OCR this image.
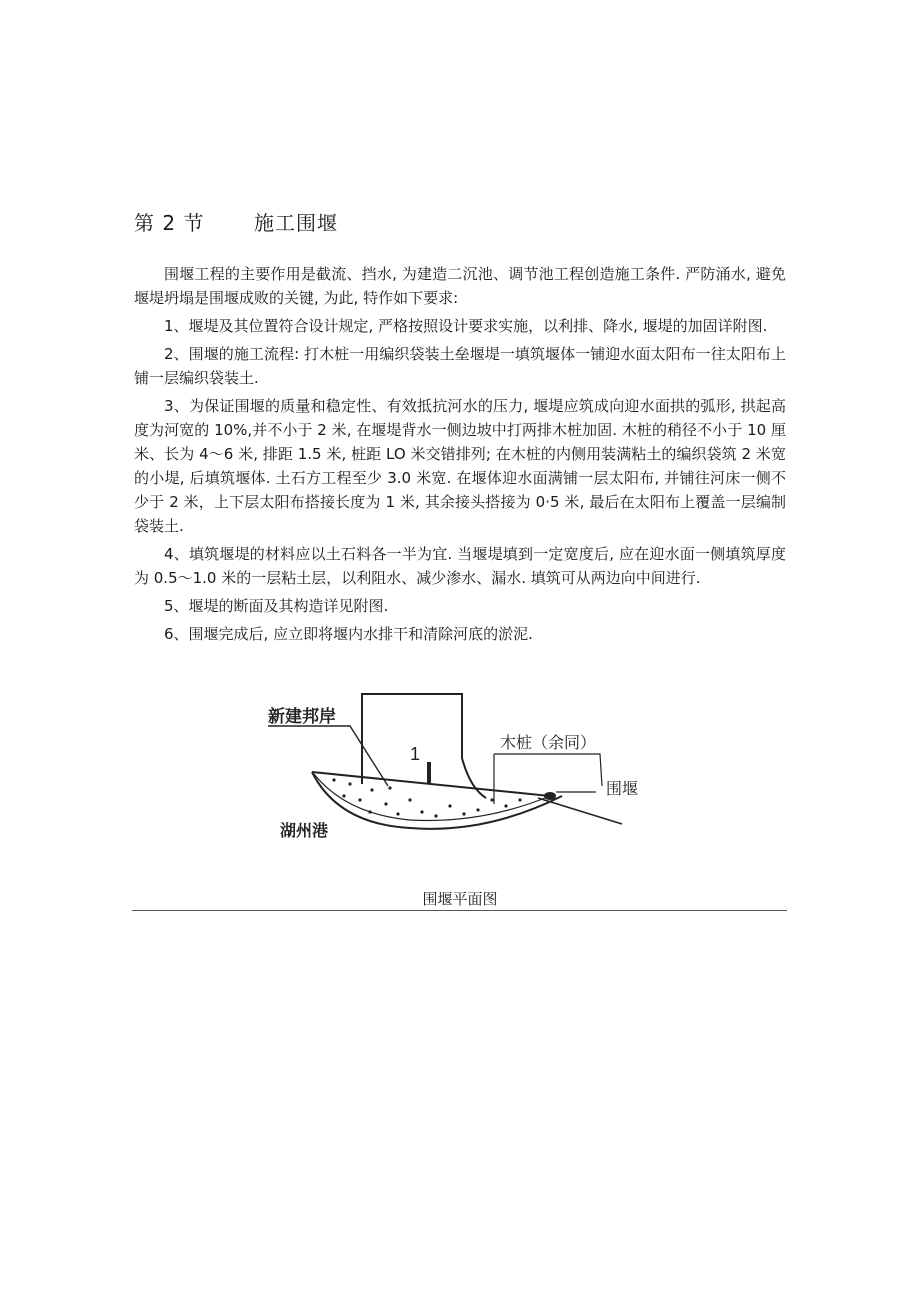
第 2 节 施工围堰

围堰工程的主要作用是截流、挡水, 为建造二沉池、调节池工程创造施工条件. 严防涌水, 避免堰堤坍塌是围堰成败的关键, 为此, 特作如下要求:

1、堰堤及其位置符合设计规定, 严格按照设计要求实施，以利排、降水, 堰堤的加固详附图.

2、围堰的施工流程: 打木桩一用编织袋装土垒堰堤一填筑堰体一铺迎水面太阳布一往太阳布上铺一层编织袋装土.

3、为保证围堰的质量和稳定性、有效抵抗河水的压力, 堰堤应筑成向迎水面拱的弧形, 拱起高度为河宽的 10%,并不小于 2 米, 在堰堤背水一侧边坡中打两排木桩加固. 木桩的稍径不小于 10 厘米、长为 4～6 米, 排距 1.5 米, 桩距 LO 米交错排列; 在木桩的内侧用装满粘土的编织袋筑 2 米宽的小堤, 后填筑堰体. 土石方工程至少 3.0 米宽. 在堰体迎水面满铺一层太阳布, 并铺往河床一侧不少于 2 米，上下层太阳布搭接长度为 1 米, 其余接头搭接为 0·5 米, 最后在太阳布上覆盖一层编制袋装土.

4、填筑堰堤的材料应以土石料各一半为宜. 当堰堤填到一定宽度后, 应在迎水面一侧填筑厚度为 0.5～1.0 米的一层粘土层，以利阻水、减少渗水、漏水. 填筑可从两边向中间进行.

5、堰堤的断面及其构造详见附图.

6、围堰完成后, 应立即将堰内水排干和清除河底的淤泥.

1
新建邦岸
木桩（余同）
围堰
湖州港
围堰平面图
